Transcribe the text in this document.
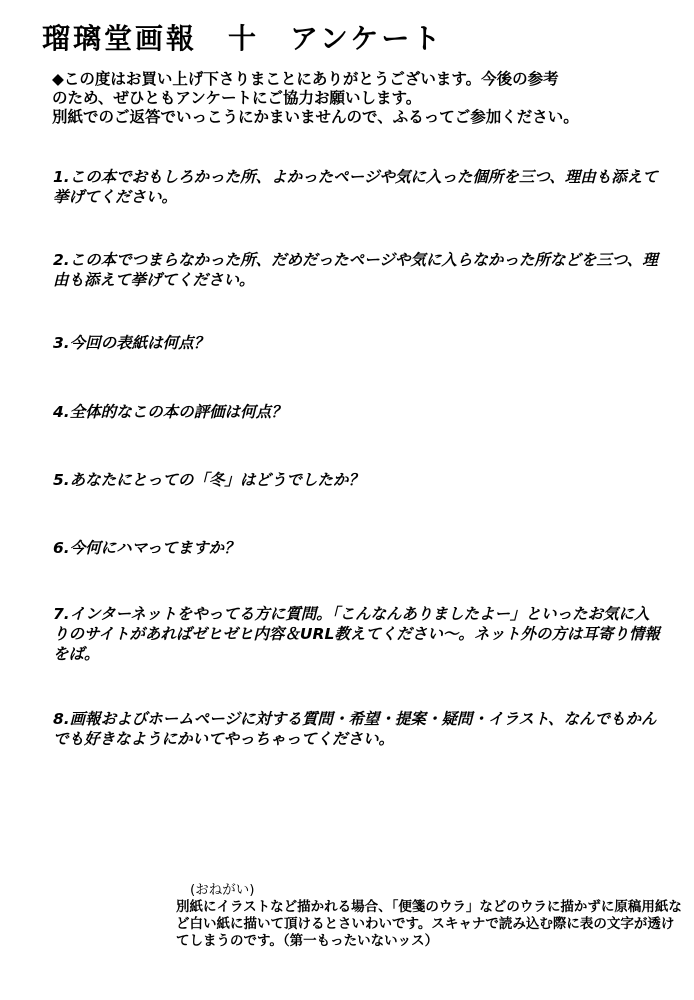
瑠璃堂画報　十　アンケート

◆この度はお買い上げ下さりまことにありがとうございます。今後の参考

のため、ぜひともアンケートにご協力お願いします。

別紙でのご返答でいっこうにかまいませんので、ふるってご参加ください。

1.この本でおもしろかった所、よかったページや気に入った個所を三つ、理由も添えて挙げてください。

2.この本でつまらなかった所、だめだったページや気に入らなかった所などを三つ、理由も添えて挙げてください。

3.今回の表紙は何点？

4.全体的なこの本の評価は何点？

5.あなたにとっての「冬」はどうでしたか？

6.今何にハマってますか？

7.インターネットをやってる方に質問。「こんなんありましたよー」といったお気に入りのサイトがあればゼヒゼヒ内容＆URL教えてください～。ネット外の方は耳寄り情報をば。

8.画報およびホームページに対する質問・希望・提案・疑問・イラスト、なんでもかんでも好きなようにかいてやっちゃってください。

(おねがい)

別紙にイラストなど描かれる場合、「便箋のウラ」などのウラに描かずに原稿用紙など白い紙に描いて頂けるとさいわいです。スキャナで読み込む際に表の文字が透けてしまうのです。（第一もったいないッス）
